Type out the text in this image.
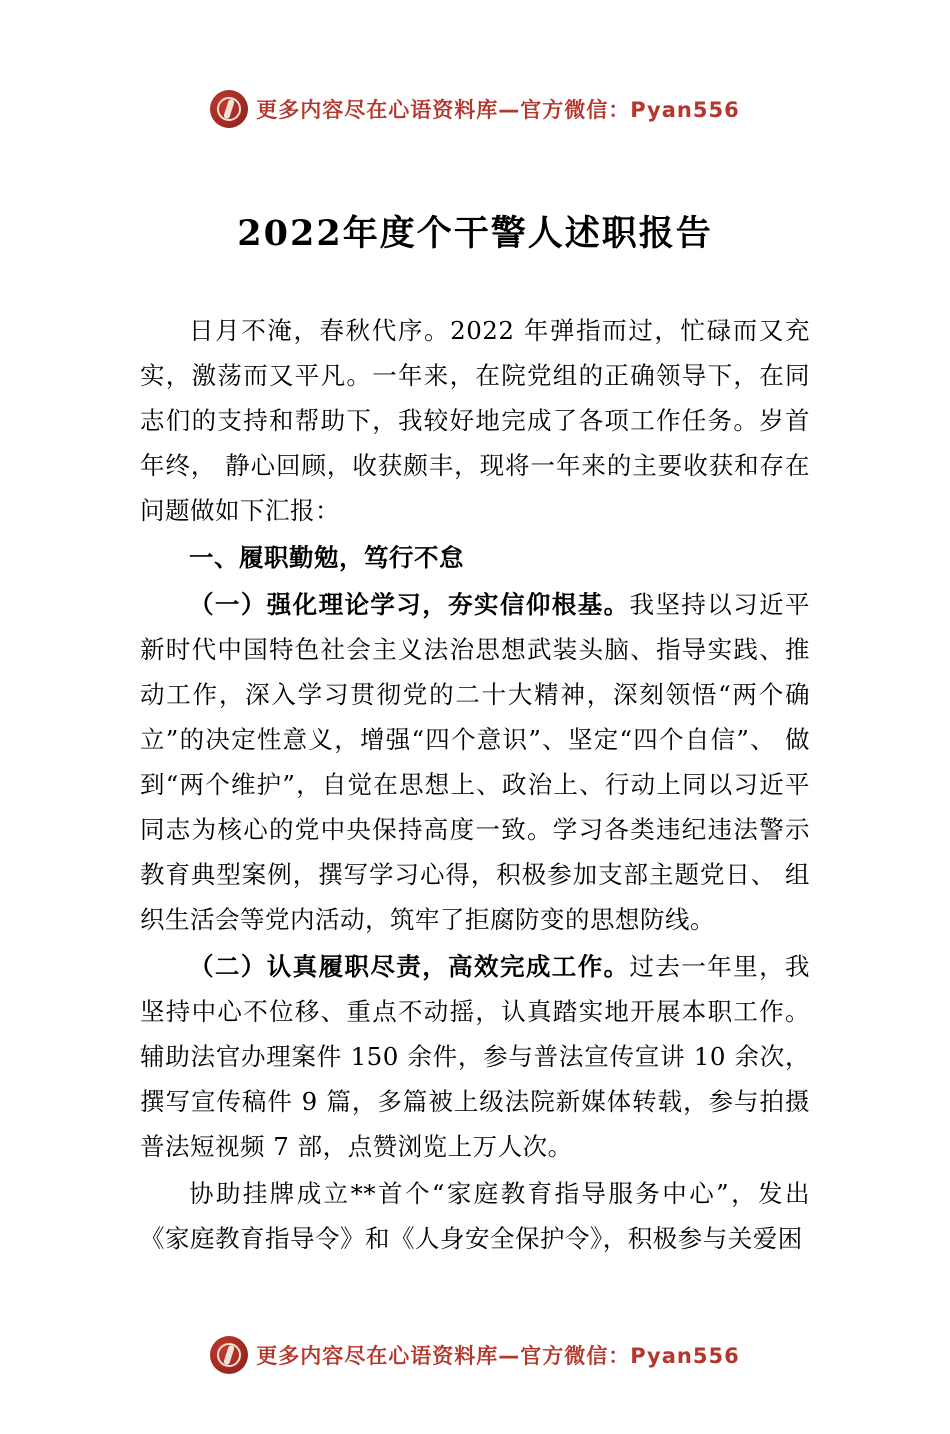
更多内容尽在心语资料库—官方微信：Pyan556
2022年度个干警人述职报告

日月不淹，春秋代序。2022 年弹指而过，忙碌而又充实，激荡而又平凡。一年来，在院党组的正确领导下，在同志们的支持和帮助下，我较好地完成了各项工作任务。岁首年终， 静心回顾，收获颇丰，现将一年来的主要收获和存在问题做如下汇报：

一、履职勤勉，笃行不怠

（一）强化理论学习，夯实信仰根基。我坚持以习近平新时代中国特色社会主义法治思想武装头脑、指导实践、推动工作，深入学习贯彻党的二十大精神，深刻领悟“两个确立”的决定性意义，增强“四个意识”、坚定“四个自信”、 做到“两个维护”，自觉在思想上、政治上、行动上同以习近平同志为核心的党中央保持高度一致。学习各类违纪违法警示教育典型案例，撰写学习心得，积极参加支部主题党日、 组织生活会等党内活动，筑牢了拒腐防变的思想防线。

（二）认真履职尽责，高效完成工作。过去一年里，我坚持中心不位移、重点不动摇，认真踏实地开展本职工作。 辅助法官办理案件 150 余件，参与普法宣传宣讲 10 余次，撰写宣传稿件 9 篇，多篇被上级法院新媒体转载，参与拍摄普法短视频 7 部，点赞浏览上万人次。

协助挂牌成立**首个“家庭教育指导服务中心”，发出《家庭教育指导令》和《人身安全保护令》，积极参与关爱困

更多内容尽在心语资料库—官方微信：Pyan556
